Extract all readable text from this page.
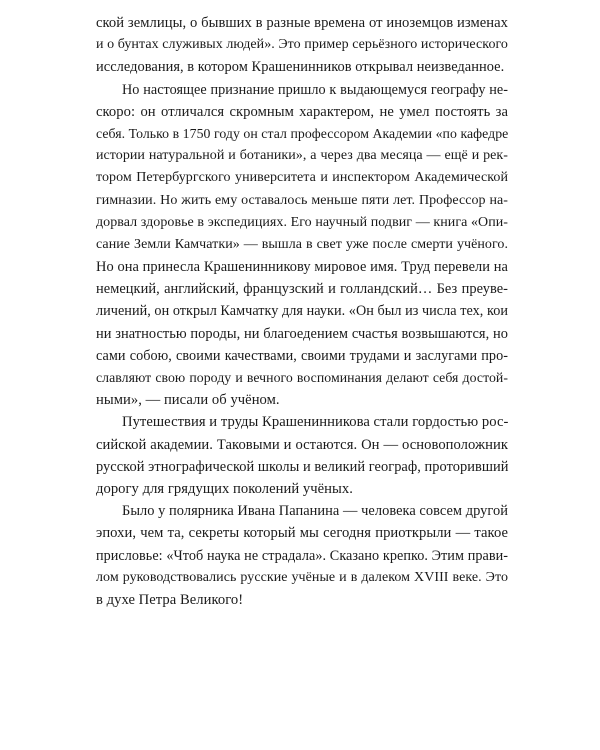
ской землицы, о бывших в разные времена от иноземцов изменах
и о бунтах служивых людей». Это пример серьёзного исторического
исследования, в котором Крашенинников открывал неизведанное.
Но настоящее признание пришло к выдающемуся географу не-
скоро: он отличался скромным характером, не умел постоять за
себя. Только в 1750 году он стал профессором Академии «по кафедре
истории натуральной и ботаники», а через два месяца — ещё и рек-
тором Петербургского университета и инспектором Академической
гимназии. Но жить ему оставалось меньше пяти лет. Профессор на-
дорвал здоровье в экспедициях. Его научный подвиг — книга «Опи-
сание Земли Камчатки» — вышла в свет уже после смерти учёного.
Но она принесла Крашенинникову мировое имя. Труд перевели на
немецкий, английский, французский и голландский… Без преуве-
личений, он открыл Камчатку для науки. «Он был из числа тех, кои
ни знатностью породы, ни благоедением счастья возвышаются, но
сами собою, своими качествами, своими трудами и заслугами про-
славляют свою породу и вечного воспоминания делают себя достой-
ными», — писали об учёном.
Путешествия и труды Крашенинникова стали гордостью рос-
сийской академии. Таковыми и остаются. Он — основоположник
русской этнографической школы и великий географ, проторивший
дорогу для грядущих поколений учёных.
Было у полярника Ивана Папанина — человека совсем другой
эпохи, чем та, секреты который мы сегодня приоткрыли — такое
присловье: «Чтоб наука не страдала». Сказано крепко. Этим прави-
лом руководствовались русские учёные и в далеком XVIII веке. Это
в духе Петра Великого!
